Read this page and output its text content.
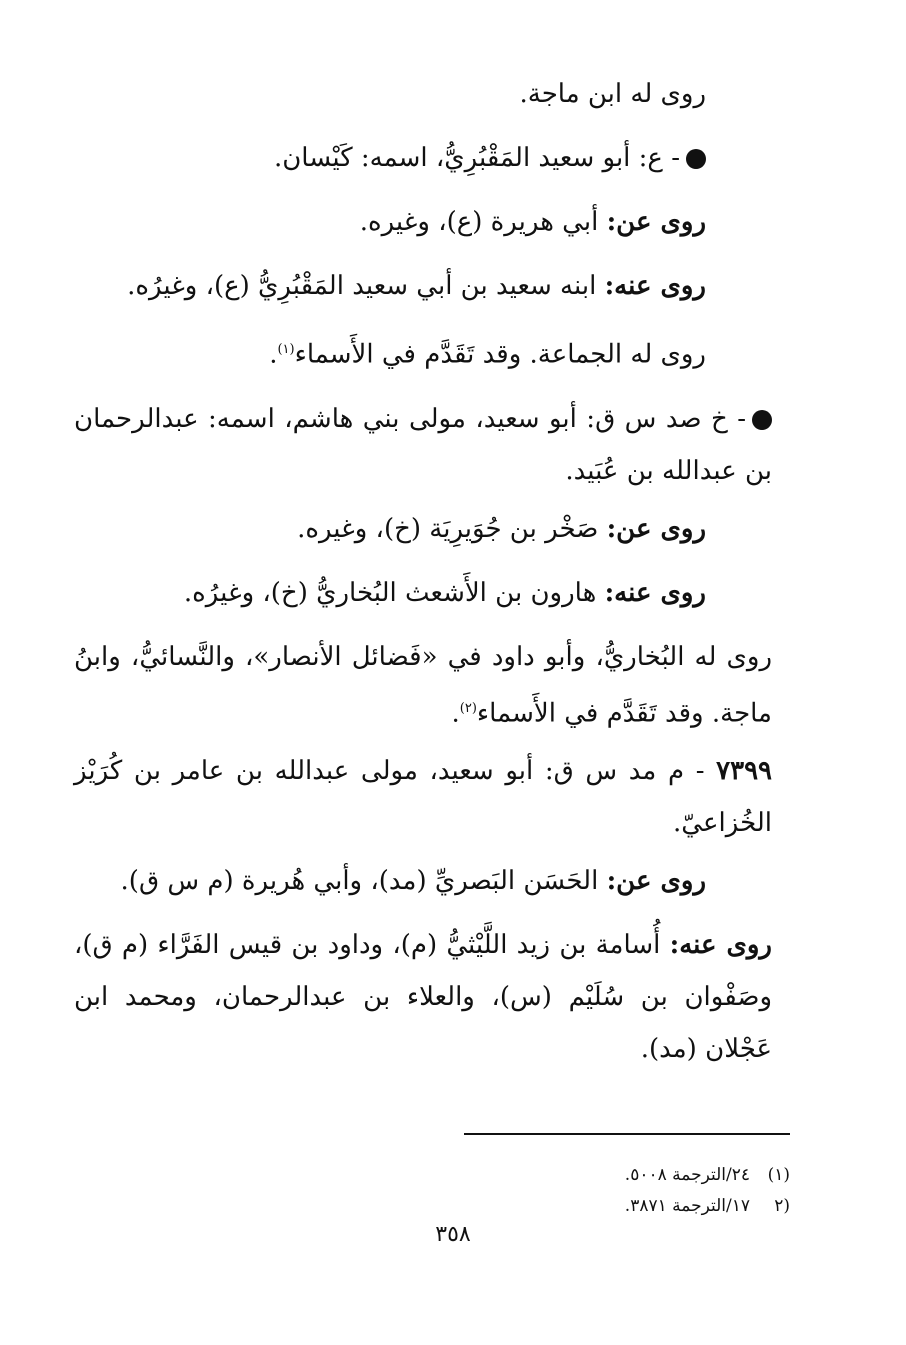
روى له ابن ماجة.

- ع: أبو سعيد المَقْبُرِيُّ، اسمه: كَيْسان.

روى عن: أبي هريرة (ع)، وغيره.

روى عنه: ابنه سعيد بن أبي سعيد المَقْبُرِيُّ (ع)، وغيرُه.

روى له الجماعة. وقد تَقَدَّم في الأَسماء$^{(١)}$.

- خ صد س ق: أبو سعيد، مولى بني هاشم، اسمه: عبدالرحمان بن عبدالله بن عُبَيد.

روى عن: صَخْر بن جُوَيرِيَة (خ)، وغيره.

روى عنه: هارون بن الأَشعث البُخاريُّ (خ)، وغيرُه.

روى له البُخاريُّ، وأبو داود في «فَضائل الأنصار»، والنَّسائيُّ، وابنُ ماجة. وقد تَقَدَّم في الأَسماء$^{(٢)}$.

٧٣٩٩ - م مد س ق: أبو سعيد، مولى عبدالله بن عامر بن كُرَيْز الخُزاعيّ.

روى عن: الحَسَن البَصريِّ (مد)، وأبي هُريرة (م س ق).

روى عنه: أُسامة بن زيد اللَّيْثيُّ (م)، وداود بن قيس الفَرَّاء (م ق)، وصَفْوان بن سُلَيْم (س)، والعلاء بن عبدالرحمان، ومحمد ابن عَجْلان (مد).

(١)٢٤/الترجمة ٥٠٠٨.
(٢١٧/الترجمة ٣٨٧١.
٣٥٨
